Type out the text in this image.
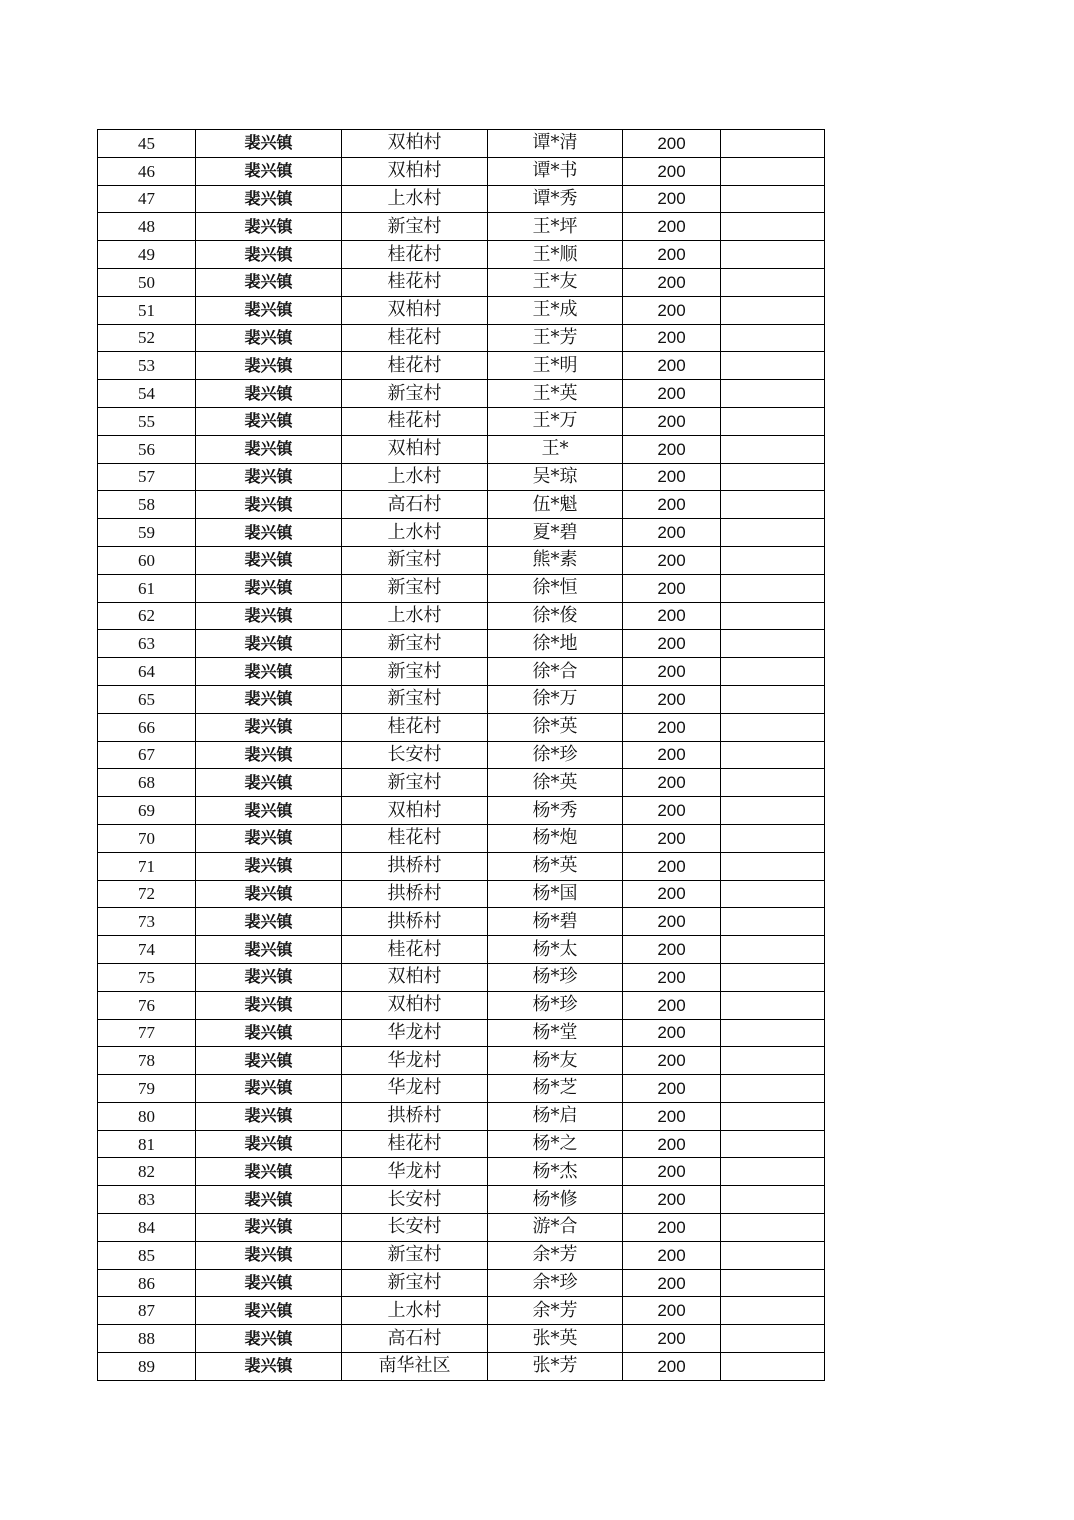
45	裴兴镇	双柏村	谭*清	200	
46	裴兴镇	双柏村	谭*书	200	
47	裴兴镇	上水村	谭*秀	200	
48	裴兴镇	新宝村	王*坪	200	
49	裴兴镇	桂花村	王*顺	200	
50	裴兴镇	桂花村	王*友	200	
51	裴兴镇	双柏村	王*成	200	
52	裴兴镇	桂花村	王*芳	200	
53	裴兴镇	桂花村	王*明	200	
54	裴兴镇	新宝村	王*英	200	
55	裴兴镇	桂花村	王*万	200	
56	裴兴镇	双柏村	王*	200	
57	裴兴镇	上水村	吴*琼	200	
58	裴兴镇	高石村	伍*魁	200	
59	裴兴镇	上水村	夏*碧	200	
60	裴兴镇	新宝村	熊*素	200	
61	裴兴镇	新宝村	徐*恒	200	
62	裴兴镇	上水村	徐*俊	200	
63	裴兴镇	新宝村	徐*地	200	
64	裴兴镇	新宝村	徐*合	200	
65	裴兴镇	新宝村	徐*万	200	
66	裴兴镇	桂花村	徐*英	200	
67	裴兴镇	长安村	徐*珍	200	
68	裴兴镇	新宝村	徐*英	200	
69	裴兴镇	双柏村	杨*秀	200	
70	裴兴镇	桂花村	杨*炮	200	
71	裴兴镇	拱桥村	杨*英	200	
72	裴兴镇	拱桥村	杨*国	200	
73	裴兴镇	拱桥村	杨*碧	200	
74	裴兴镇	桂花村	杨*太	200	
75	裴兴镇	双柏村	杨*珍	200	
76	裴兴镇	双柏村	杨*珍	200	
77	裴兴镇	华龙村	杨*堂	200	
78	裴兴镇	华龙村	杨*友	200	
79	裴兴镇	华龙村	杨*芝	200	
80	裴兴镇	拱桥村	杨*启	200	
81	裴兴镇	桂花村	杨*之	200	
82	裴兴镇	华龙村	杨*杰	200	
83	裴兴镇	长安村	杨*修	200	
84	裴兴镇	长安村	游*合	200	
85	裴兴镇	新宝村	余*芳	200	
86	裴兴镇	新宝村	余*珍	200	
87	裴兴镇	上水村	余*芳	200	
88	裴兴镇	高石村	张*英	200	
89	裴兴镇	南华社区	张*芳	200	
